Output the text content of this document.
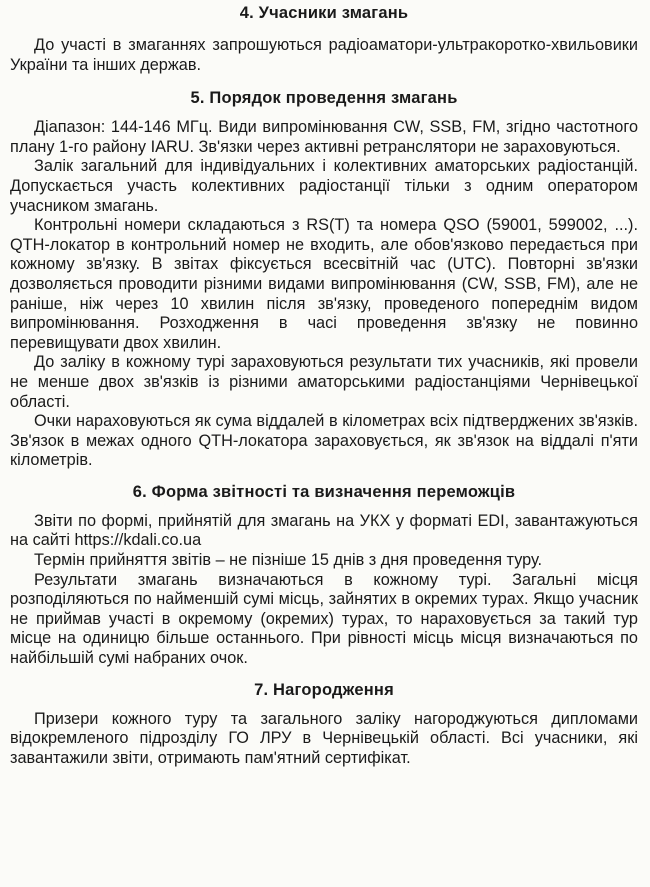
4. Учасники змагань

До участі в змаганнях запрошуються радіоаматори-ультракоротко-хвильовики України та інших держав.

5. Порядок проведення змагань

Діапазон: 144-146 МГц. Види випромінювання CW, SSB, FM, згідно частотного плану 1-го району IARU. Зв'язки через активні ретранслятори не зараховуються.

Залік загальний для індивідуальних і колективних аматорських радіостанцій. Допускається участь колективних радіостанції тільки з одним оператором учасником змагань.

Контрольні номери складаються з RS(T) та номера QSO (59001, 599002, ...). QTH-локатор в контрольний номер не входить, але обов'язково передається при кожному зв'язку. В звітах фіксується всесвітній час (UTC). Повторні зв'язки дозволяється проводити різними видами випромінювання (CW, SSB, FM), але не раніше, ніж через 10 хвилин після зв'язку, проведеного попереднім видом випромінювання. Розходження в часі проведення зв'язку не повинно перевищувати двох хвилин.

До заліку в кожному турі зараховуються результати тих учасників, які провели не менше двох зв'язків із різними аматорськими радіостанціями Чернівецької області.

Очки нараховуються як сума віддалей в кілометрах всіх підтверджених зв'язків. Зв'язок в межах одного QTH-локатора зараховується, як зв'язок на віддалі п'яти кілометрів.

6. Форма звітності та визначення переможців

Звіти по формі, прийнятій для змагань на УКХ у форматі EDI, завантажуються на сайті https://kdali.co.ua

Термін прийняття звітів – не пізніше 15 днів з дня проведення туру.

Результати змагань визначаються в кожному турі. Загальні місця розподіляються по найменшій сумі місць, зайнятих в окремих турах. Якщо учасник не приймав участі в окремому (окремих) турах, то нараховується за такий тур місце на одиницю більше останнього. При рівності місць місця визначаються по найбільшій сумі набраних очок.

7. Нагородження

Призери кожного туру та загального заліку нагороджуються дипломами відокремленого підрозділу ГО ЛРУ в Чернівецькій області. Всі учасники, які завантажили звіти, отримають пам'ятний сертифікат.
